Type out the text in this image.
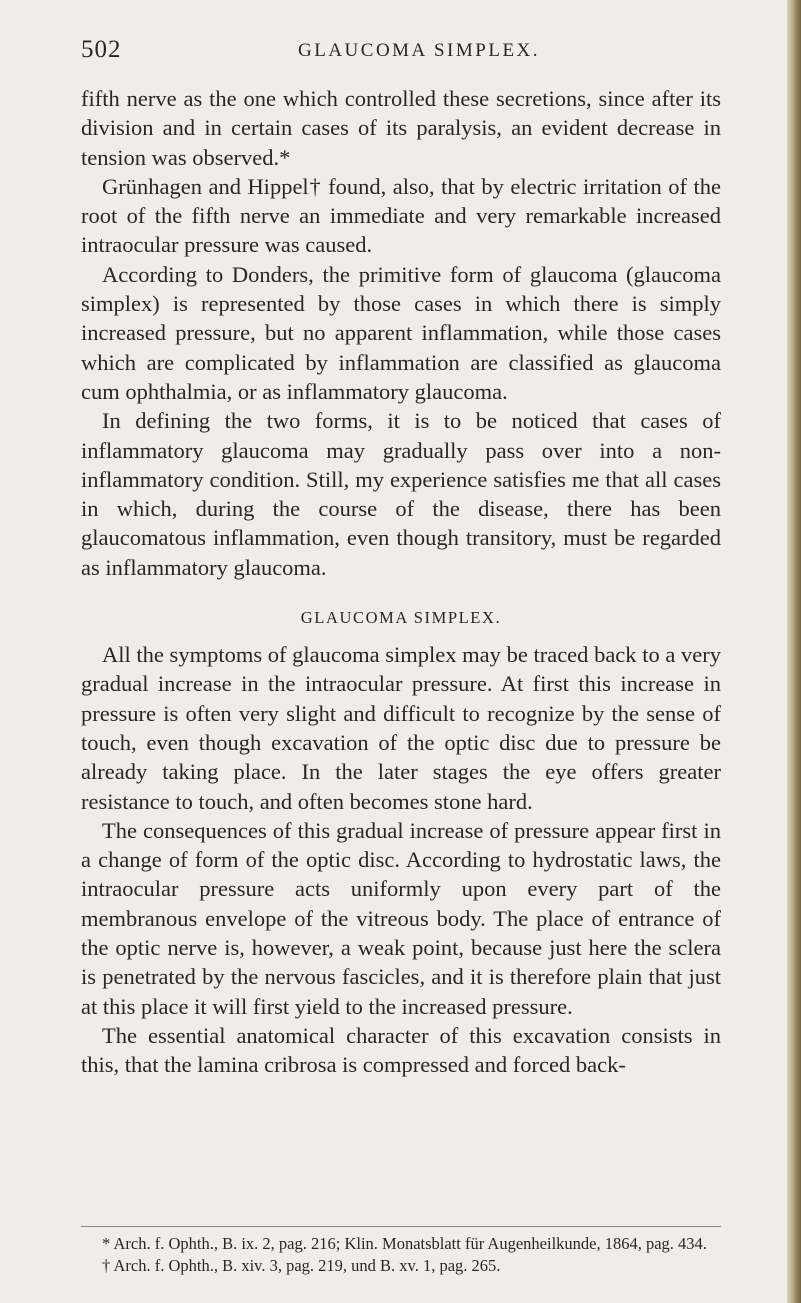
502	GLAUCOMA SIMPLEX.

fifth nerve as the one which controlled these secretions, since after its division and in certain cases of its paralysis, an evident decrease in tension was observed.*

Grünhagen and Hippel† found, also, that by electric irritation of the root of the fifth nerve an immediate and very remarkable increased intraocular pressure was caused.

According to Donders, the primitive form of glaucoma (glaucoma simplex) is represented by those cases in which there is simply increased pressure, but no apparent inflammation, while those cases which are complicated by inflammation are classified as glaucoma cum ophthalmia, or as inflammatory glaucoma.

In defining the two forms, it is to be noticed that cases of inflammatory glaucoma may gradually pass over into a non-inflammatory condition. Still, my experience satisfies me that all cases in which, during the course of the disease, there has been glaucomatous inflammation, even though transitory, must be regarded as inflammatory glaucoma.

GLAUCOMA SIMPLEX.

All the symptoms of glaucoma simplex may be traced back to a very gradual increase in the intraocular pressure. At first this increase in pressure is often very slight and difficult to recognize by the sense of touch, even though excavation of the optic disc due to pressure be already taking place. In the later stages the eye offers greater resistance to touch, and often becomes stone hard.

The consequences of this gradual increase of pressure appear first in a change of form of the optic disc. According to hydrostatic laws, the intraocular pressure acts uniformly upon every part of the membranous envelope of the vitreous body. The place of entrance of the optic nerve is, however, a weak point, because just here the sclera is penetrated by the nervous fascicles, and it is therefore plain that just at this place it will first yield to the increased pressure.

The essential anatomical character of this excavation consists in this, that the lamina cribrosa is compressed and forced back-

* Arch. f. Ophth., B. ix. 2, pag. 216; Klin. Monatsblatt für Augenheilkunde, 1864, pag. 434.

† Arch. f. Ophth., B. xiv. 3, pag. 219, und B. xv. 1, pag. 265.
